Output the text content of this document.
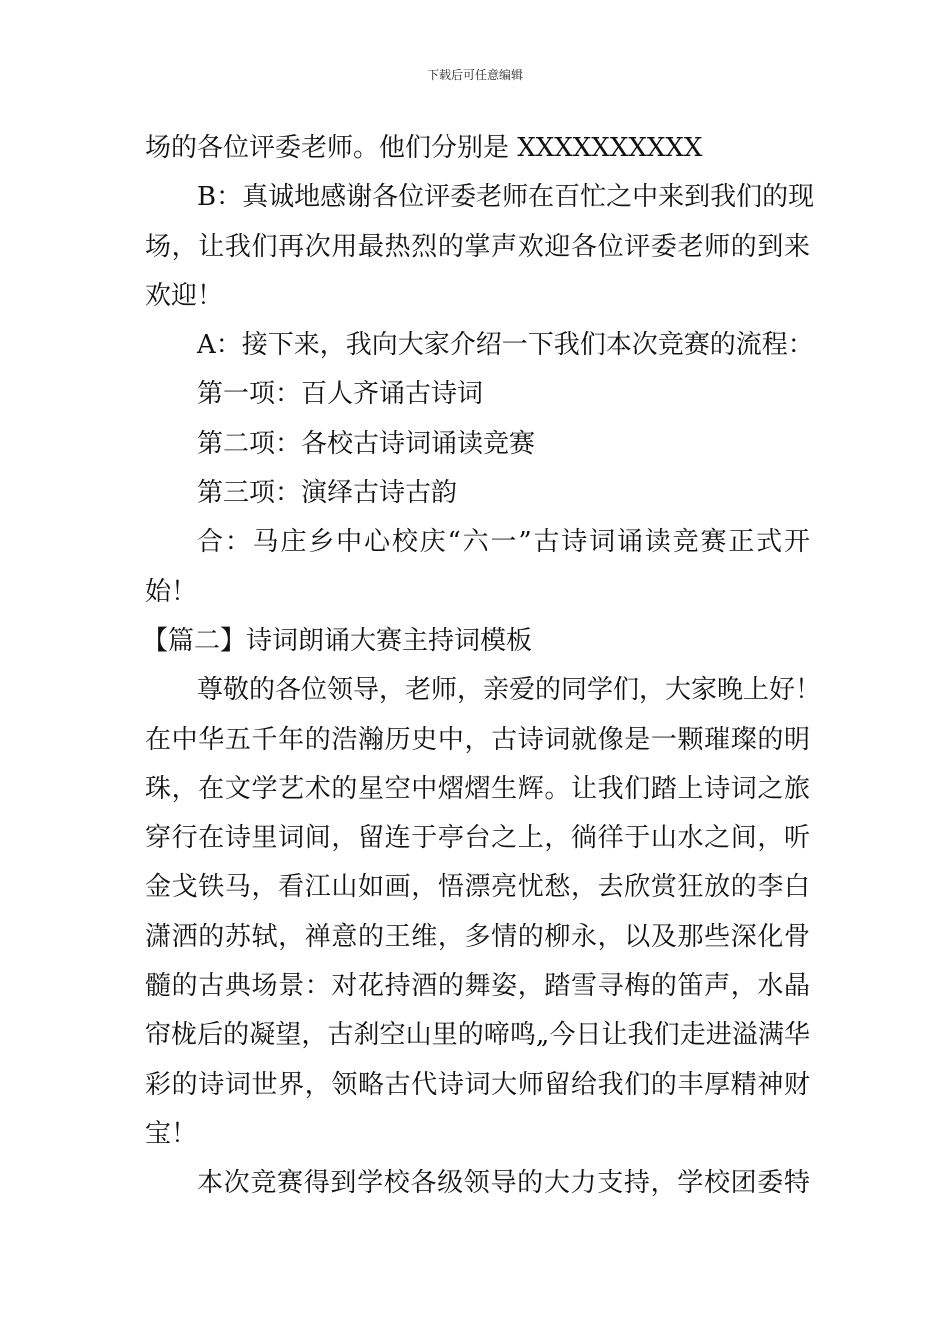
下载后可任意编辑
场的各位评委老师。他们分别是 XXXXXXXXXX
B：真诚地感谢各位评委老师在百忙之中来到我们的现
场，让我们再次用最热烈的掌声欢迎各位评委老师的到来
欢迎！
A：接下来，我向大家介绍一下我们本次竞赛的流程：
第一项：百人齐诵古诗词
第二项：各校古诗词诵读竞赛
第三项：演绎古诗古韵
合：马庄乡中心校庆“六一”古诗词诵读竞赛正式开
始！
【篇二】诗词朗诵大赛主持词模板
尊敬的各位领导，老师，亲爱的同学们，大家晚上好！
在中华五千年的浩瀚历史中，古诗词就像是一颗璀璨的明
珠，在文学艺术的星空中熠熠生辉。让我们踏上诗词之旅
穿行在诗里词间，留连于亭台之上，徜徉于山水之间，听
金戈铁马，看江山如画，悟漂亮忧愁，去欣赏狂放的李白
潇洒的苏轼，禅意的王维，多情的柳永，以及那些深化骨
髓的古典场景：对花持酒的舞姿，踏雪寻梅的笛声，水晶
帘栊后的凝望，古刹空山里的啼鸣„今日让我们走进溢满华
彩的诗词世界，领略古代诗词大师留给我们的丰厚精神财
宝！
本次竞赛得到学校各级领导的大力支持，学校团委特
